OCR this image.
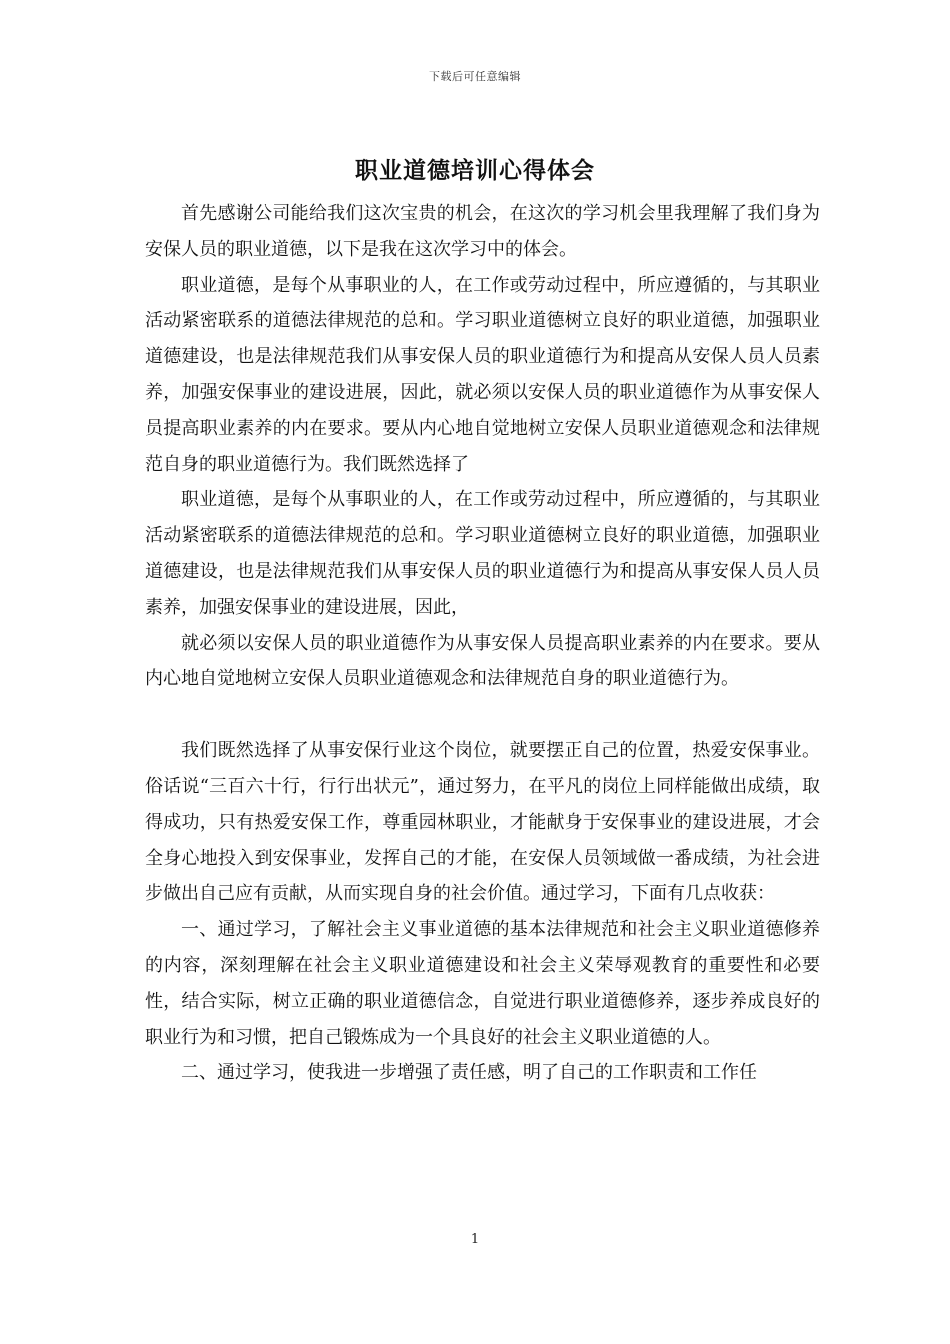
下载后可任意编辑
职业道德培训心得体会

首先感谢公司能给我们这次宝贵的机会，在这次的学习机会里我理解了我们身为安保人员的职业道德，以下是我在这次学习中的体会。

职业道德，是每个从事职业的人，在工作或劳动过程中，所应遵循的，与其职业活动紧密联系的道德法律规范的总和。学习职业道德树立良好的职业道德，加强职业道德建设，也是法律规范我们从事安保人员的职业道德行为和提高从安保人员人员素养，加强安保事业的建设进展，因此，就必须以安保人员的职业道德作为从事安保人员提高职业素养的内在要求。要从内心地自觉地树立安保人员职业道德观念和法律规范自身的职业道德行为。我们既然选择了

职业道德，是每个从事职业的人，在工作或劳动过程中，所应遵循的，与其职业活动紧密联系的道德法律规范的总和。学习职业道德树立良好的职业道德，加强职业道德建设，也是法律规范我们从事安保人员的职业道德行为和提高从事安保人员人员素养，加强安保事业的建设进展，因此，

就必须以安保人员的职业道德作为从事安保人员提高职业素养的内在要求。要从内心地自觉地树立安保人员职业道德观念和法律规范自身的职业道德行为。

我们既然选择了从事安保行业这个岗位，就要摆正自己的位置，热爱安保事业。俗话说“三百六十行，行行出状元”，通过努力，在平凡的岗位上同样能做出成绩，取得成功，只有热爱安保工作，尊重园林职业，才能献身于安保事业的建设进展，才会全身心地投入到安保事业，发挥自己的才能，在安保人员领域做一番成绩，为社会进步做出自己应有贡献，从而实现自身的社会价值。通过学习，下面有几点收获：

一、通过学习，了解社会主义事业道德的基本法律规范和社会主义职业道德修养的内容，深刻理解在社会主义职业道德建设和社会主义荣辱观教育的重要性和必要性，结合实际，树立正确的职业道德信念，自觉进行职业道德修养，逐步养成良好的职业行为和习惯，把自己锻炼成为一个具良好的社会主义职业道德的人。

二、通过学习，使我进一步增强了责任感，明了自己的工作职责和工作任

1
